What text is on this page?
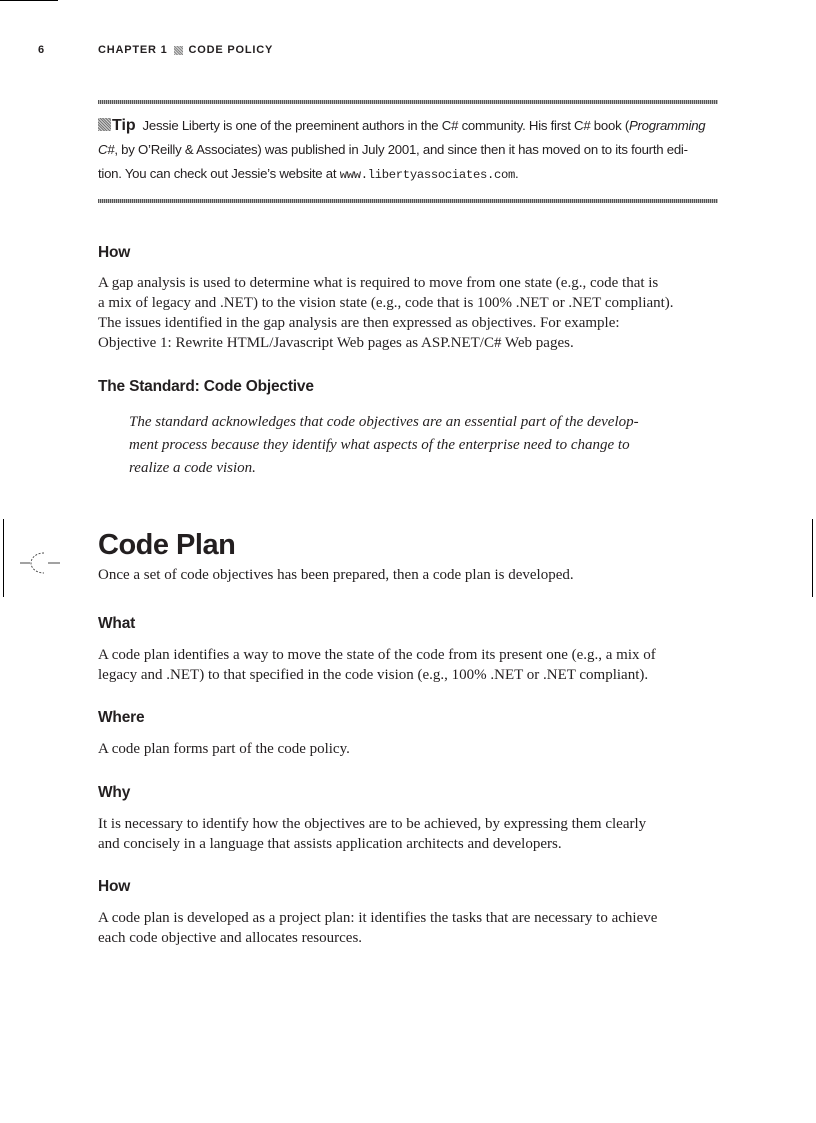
6	CHAPTER 1 CODE POLICY
Tip Jessie Liberty is one of the preeminent authors in the C# community. His first C# book (Programming
C#, by O’Reilly & Associates) was published in July 2001, and since then it has moved on to its fourth edi-
tion. You can check out Jessie’s website at www.libertyassociates.com.
How
A gap analysis is used to determine what is required to move from one state (e.g., code that is
a mix of legacy and .NET) to the vision state (e.g., code that is 100% .NET or .NET compliant).
The issues identified in the gap analysis are then expressed as objectives. For example:
Objective 1: Rewrite HTML/Javascript Web pages as ASP.NET/C# Web pages.
The Standard: Code Objective
The standard acknowledges that code objectives are an essential part of the develop-
ment process because they identify what aspects of the enterprise need to change to
realize a code vision.
Code Plan
Once a set of code objectives has been prepared, then a code plan is developed.
What
A code plan identifies a way to move the state of the code from its present one (e.g., a mix of
legacy and .NET) to that specified in the code vision (e.g., 100% .NET or .NET compliant).
Where
A code plan forms part of the code policy.
Why
It is necessary to identify how the objectives are to be achieved, by expressing them clearly
and concisely in a language that assists application architects and developers.
How
A code plan is developed as a project plan: it identifies the tasks that are necessary to achieve
each code objective and allocates resources.
